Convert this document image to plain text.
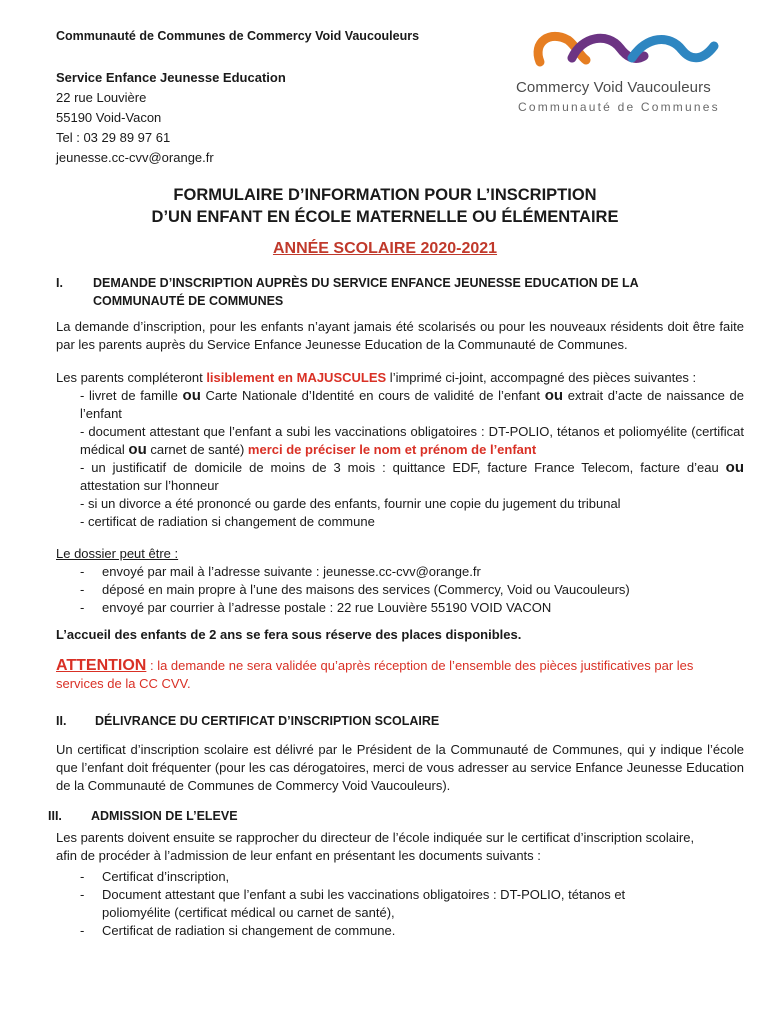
Communauté de Communes de Commercy Void Vaucouleurs
Service Enfance Jeunesse Education
22 rue Louvière
55190 Void-Vacon
Tel : 03 29 89 97 61
jeunesse.cc-cvv@orange.fr
Commercy Void Vaucouleurs
Communauté de Communes
FORMULAIRE D’INFORMATION POUR L’INSCRIPTION
D’UN ENFANT EN ÉCOLE MATERNELLE OU ÉLÉMENTAIRE
ANNÉE SCOLAIRE 2020-2021
I. DEMANDE D’INSCRIPTION AUPRÈS DU SERVICE ENFANCE JEUNESSE EDUCATION DE LA COMMUNAUTÉ DE COMMUNES
La demande d’inscription, pour les enfants n’ayant jamais été scolarisés ou pour les nouveaux résidents doit être faite par les parents auprès du Service Enfance Jeunesse Education de la Communauté de Communes.
Les parents compléteront lisiblement en MAJUSCULES l’imprimé ci-joint, accompagné des pièces suivantes :
- livret de famille ou Carte Nationale d’Identité en cours de validité de l’enfant ou extrait d’acte de naissance de l’enfant
- document attestant que l’enfant a subi les vaccinations obligatoires : DT-POLIO, tétanos et poliomyélite (certificat médical ou carnet de santé) merci de préciser le nom et prénom de l’enfant
- un justificatif de domicile de moins de 3 mois : quittance EDF, facture France Telecom, facture d’eau ou attestation sur l’honneur
- si un divorce a été prononcé ou garde des enfants, fournir une copie du jugement du tribunal
- certificat de radiation si changement de commune
Le dossier peut être :
- envoyé par mail à l’adresse suivante : jeunesse.cc-cvv@orange.fr
- déposé en main propre à l’une des maisons des services (Commercy, Void ou Vaucouleurs)
- envoyé par courrier à l’adresse postale : 22 rue Louvière 55190 VOID VACON
L’accueil des enfants de 2 ans se fera sous réserve des places disponibles.
ATTENTION : la demande ne sera validée qu’après réception de l’ensemble des pièces justificatives par les services de la CC CVV.
II. DÉLIVRANCE DU CERTIFICAT D’INSCRIPTION SCOLAIRE
Un certificat d’inscription scolaire est délivré par le Président de la Communauté de Communes, qui y indique l’école que l’enfant doit fréquenter (pour les cas dérogatoires, merci de vous adresser au service Enfance Jeunesse Education de la Communauté de Communes de Commercy Void Vaucouleurs).
III. ADMISSION DE L’ELEVE
Les parents doivent ensuite se rapprocher du directeur de l’école indiquée sur le certificat d’inscription scolaire, afin de procéder à l’admission de leur enfant en présentant les documents suivants :
- Certificat d’inscription,
- Document attestant que l’enfant a subi les vaccinations obligatoires : DT-POLIO, tétanos et poliomyélite (certificat médical ou carnet de santé),
- Certificat de radiation si changement de commune.
